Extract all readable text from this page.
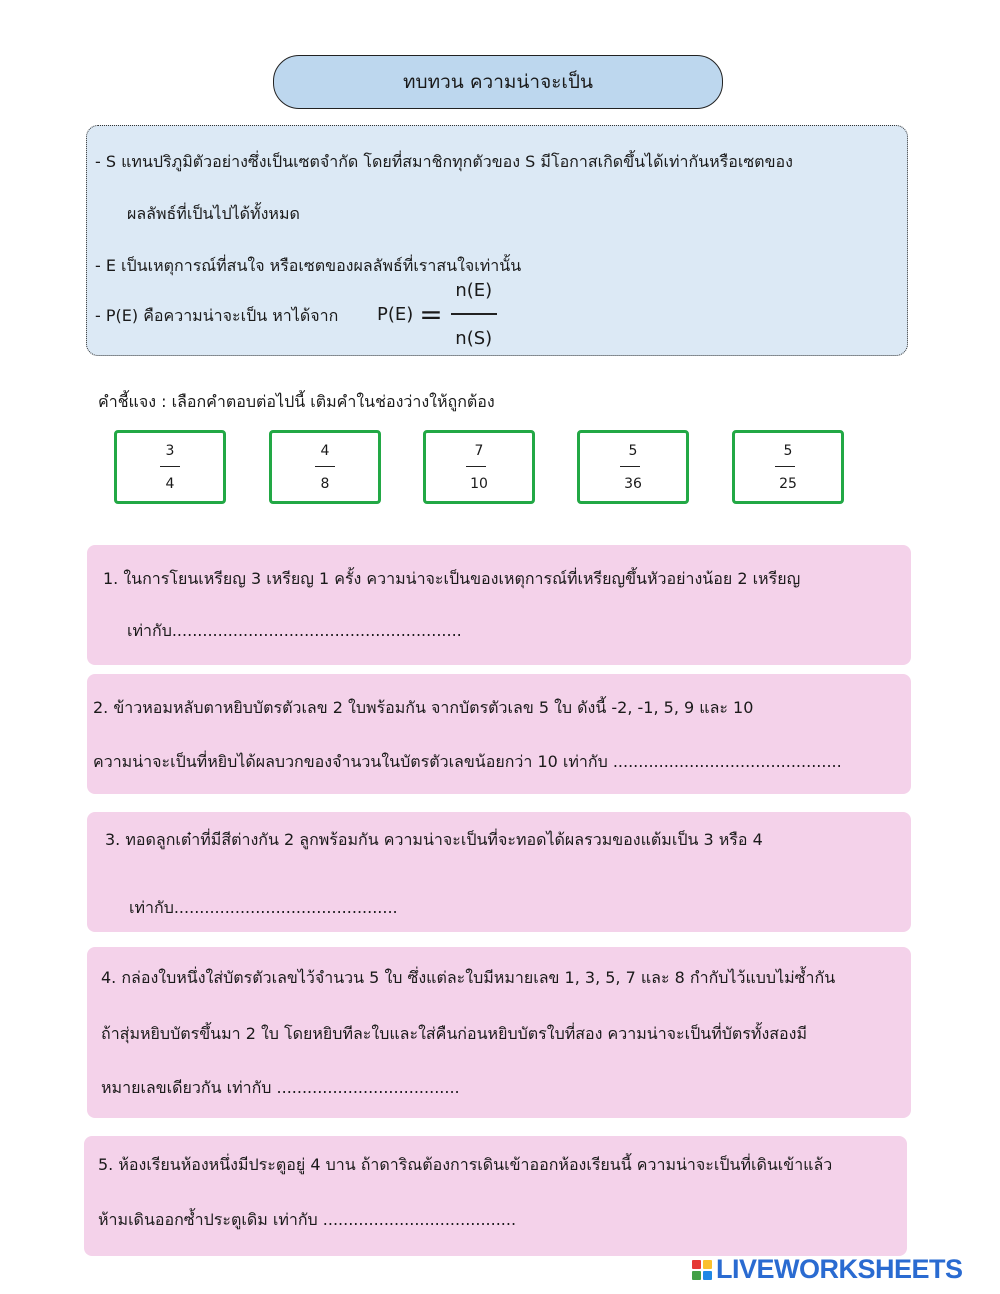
ทบทวน ความน่าจะเป็น
- S แทนปริภูมิตัวอย่างซึ่งเป็นเซตจำกัด โดยที่สมาชิกทุกตัวของ S มีโอกาสเกิดขึ้นได้เท่ากันหรือเซตของ
ผลลัพธ์ที่เป็นไปได้ทั้งหมด
- E เป็นเหตุการณ์ที่สนใจ หรือเซตของผลลัพธ์ที่เราสนใจเท่านั้น
- P(E) คือความน่าจะเป็น หาได้จาก $P(E) = \frac{n(E)}{n(S)}$
คำชี้แจง : เลือกคำตอบต่อไปนี้ เติมคำในช่องว่างให้ถูกต้อง
$\frac{3}{4}$	$\frac{4}{8}$	$\frac{7}{10}$	$\frac{5}{36}$	$\frac{5}{25}$
1. ในการโยนเหรียญ 3 เหรียญ 1 ครั้ง ความน่าจะเป็นของเหตุการณ์ที่เหรียญขึ้นหัวอย่างน้อย 2 เหรียญ
เท่ากับ.........................................................
2. ข้าวหอมหลับตาหยิบบัตรตัวเลข 2 ใบพร้อมกัน จากบัตรตัวเลข 5 ใบ ดังนี้ -2, -1, 5, 9 และ 10
ความน่าจะเป็นที่หยิบได้ผลบวกของจำนวนในบัตรตัวเลขน้อยกว่า 10 เท่ากับ .............................................
3. ทอดลูกเต๋าที่มีสีต่างกัน 2 ลูกพร้อมกัน ความน่าจะเป็นที่จะทอดได้ผลรวมของแต้มเป็น 3 หรือ 4
เท่ากับ............................................
4. กล่องใบหนึ่งใส่บัตรตัวเลขไว้จำนวน 5 ใบ ซึ่งแต่ละใบมีหมายเลข 1, 3, 5, 7 และ 8 กำกับไว้แบบไม่ซ้ำกัน
ถ้าสุ่มหยิบบัตรขึ้นมา 2 ใบ โดยหยิบทีละใบและใส่คืนก่อนหยิบบัตรใบที่สอง ความน่าจะเป็นที่บัตรทั้งสองมี
หมายเลขเดียวกัน เท่ากับ ....................................
5. ห้องเรียนห้องหนึ่งมีประตูอยู่ 4 บาน ถ้าดาริณต้องการเดินเข้าออกห้องเรียนนี้ ความน่าจะเป็นที่เดินเข้าแล้ว
ห้ามเดินออกซ้ำประตูเดิม เท่ากับ ......................................
LIVEWORKSHEETS
